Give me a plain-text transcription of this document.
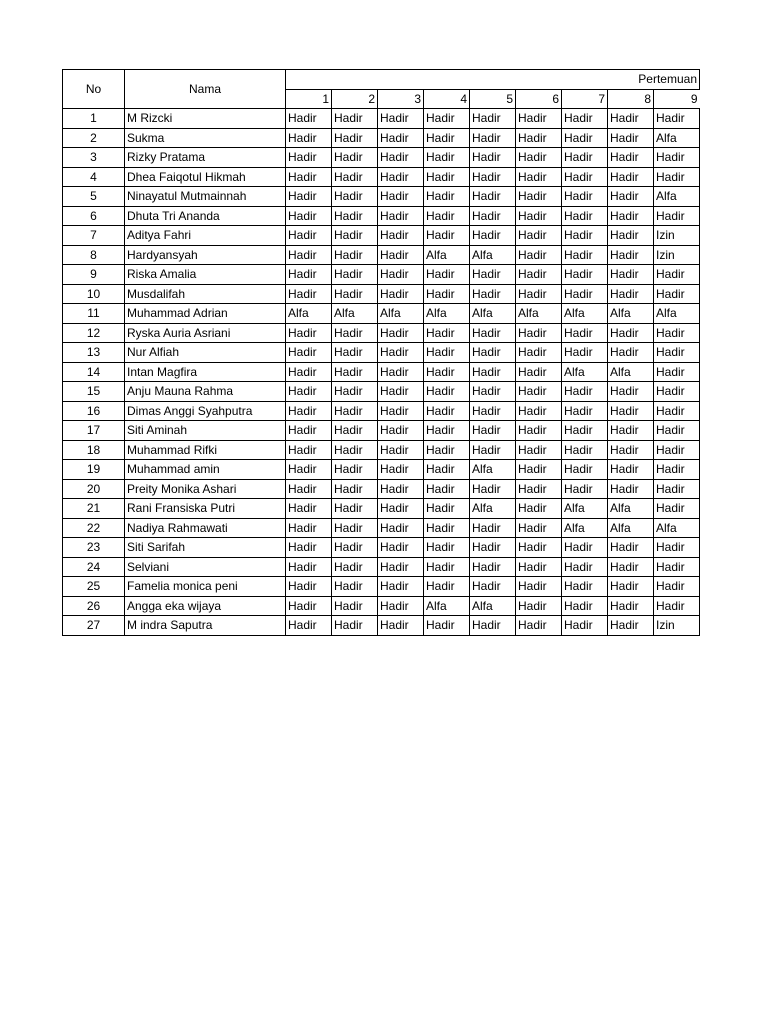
No	Nama	Pertemuan								
		1	2	3	4	5	6	7	8	9
1	M Rizcki	Hadir	Hadir	Hadir	Hadir	Hadir	Hadir	Hadir	Hadir	Hadir
2	Sukma	Hadir	Hadir	Hadir	Hadir	Hadir	Hadir	Hadir	Hadir	Alfa
3	Rizky Pratama	Hadir	Hadir	Hadir	Hadir	Hadir	Hadir	Hadir	Hadir	Hadir
4	Dhea Faiqotul Hikmah	Hadir	Hadir	Hadir	Hadir	Hadir	Hadir	Hadir	Hadir	Hadir
5	Ninayatul Mutmainnah	Hadir	Hadir	Hadir	Hadir	Hadir	Hadir	Hadir	Hadir	Alfa
6	Dhuta Tri Ananda	Hadir	Hadir	Hadir	Hadir	Hadir	Hadir	Hadir	Hadir	Hadir
7	Aditya Fahri	Hadir	Hadir	Hadir	Hadir	Hadir	Hadir	Hadir	Hadir	Izin
8	Hardyansyah	Hadir	Hadir	Hadir	Alfa	Alfa	Hadir	Hadir	Hadir	Izin
9	Riska Amalia	Hadir	Hadir	Hadir	Hadir	Hadir	Hadir	Hadir	Hadir	Hadir
10	Musdalifah	Hadir	Hadir	Hadir	Hadir	Hadir	Hadir	Hadir	Hadir	Hadir
11	Muhammad Adrian	Alfa	Alfa	Alfa	Alfa	Alfa	Alfa	Alfa	Alfa	Alfa
12	Ryska Auria Asriani	Hadir	Hadir	Hadir	Hadir	Hadir	Hadir	Hadir	Hadir	Hadir
13	Nur Alfiah	Hadir	Hadir	Hadir	Hadir	Hadir	Hadir	Hadir	Hadir	Hadir
14	Intan Magfira	Hadir	Hadir	Hadir	Hadir	Hadir	Hadir	Alfa	Alfa	Hadir
15	Anju Mauna Rahma	Hadir	Hadir	Hadir	Hadir	Hadir	Hadir	Hadir	Hadir	Hadir
16	Dimas Anggi Syahputra	Hadir	Hadir	Hadir	Hadir	Hadir	Hadir	Hadir	Hadir	Hadir
17	Siti Aminah	Hadir	Hadir	Hadir	Hadir	Hadir	Hadir	Hadir	Hadir	Hadir
18	Muhammad Rifki	Hadir	Hadir	Hadir	Hadir	Hadir	Hadir	Hadir	Hadir	Hadir
19	Muhammad amin	Hadir	Hadir	Hadir	Hadir	Alfa	Hadir	Hadir	Hadir	Hadir
20	Preity Monika Ashari	Hadir	Hadir	Hadir	Hadir	Hadir	Hadir	Hadir	Hadir	Hadir
21	Rani Fransiska Putri	Hadir	Hadir	Hadir	Hadir	Alfa	Hadir	Alfa	Alfa	Hadir
22	Nadiya Rahmawati	Hadir	Hadir	Hadir	Hadir	Hadir	Hadir	Alfa	Alfa	Alfa
23	Siti Sarifah	Hadir	Hadir	Hadir	Hadir	Hadir	Hadir	Hadir	Hadir	Hadir
24	Selviani	Hadir	Hadir	Hadir	Hadir	Hadir	Hadir	Hadir	Hadir	Hadir
25	Famelia monica peni	Hadir	Hadir	Hadir	Hadir	Hadir	Hadir	Hadir	Hadir	Hadir
26	Angga eka wijaya	Hadir	Hadir	Hadir	Alfa	Alfa	Hadir	Hadir	Hadir	Hadir
27	M indra Saputra	Hadir	Hadir	Hadir	Hadir	Hadir	Hadir	Hadir	Hadir	Izin
